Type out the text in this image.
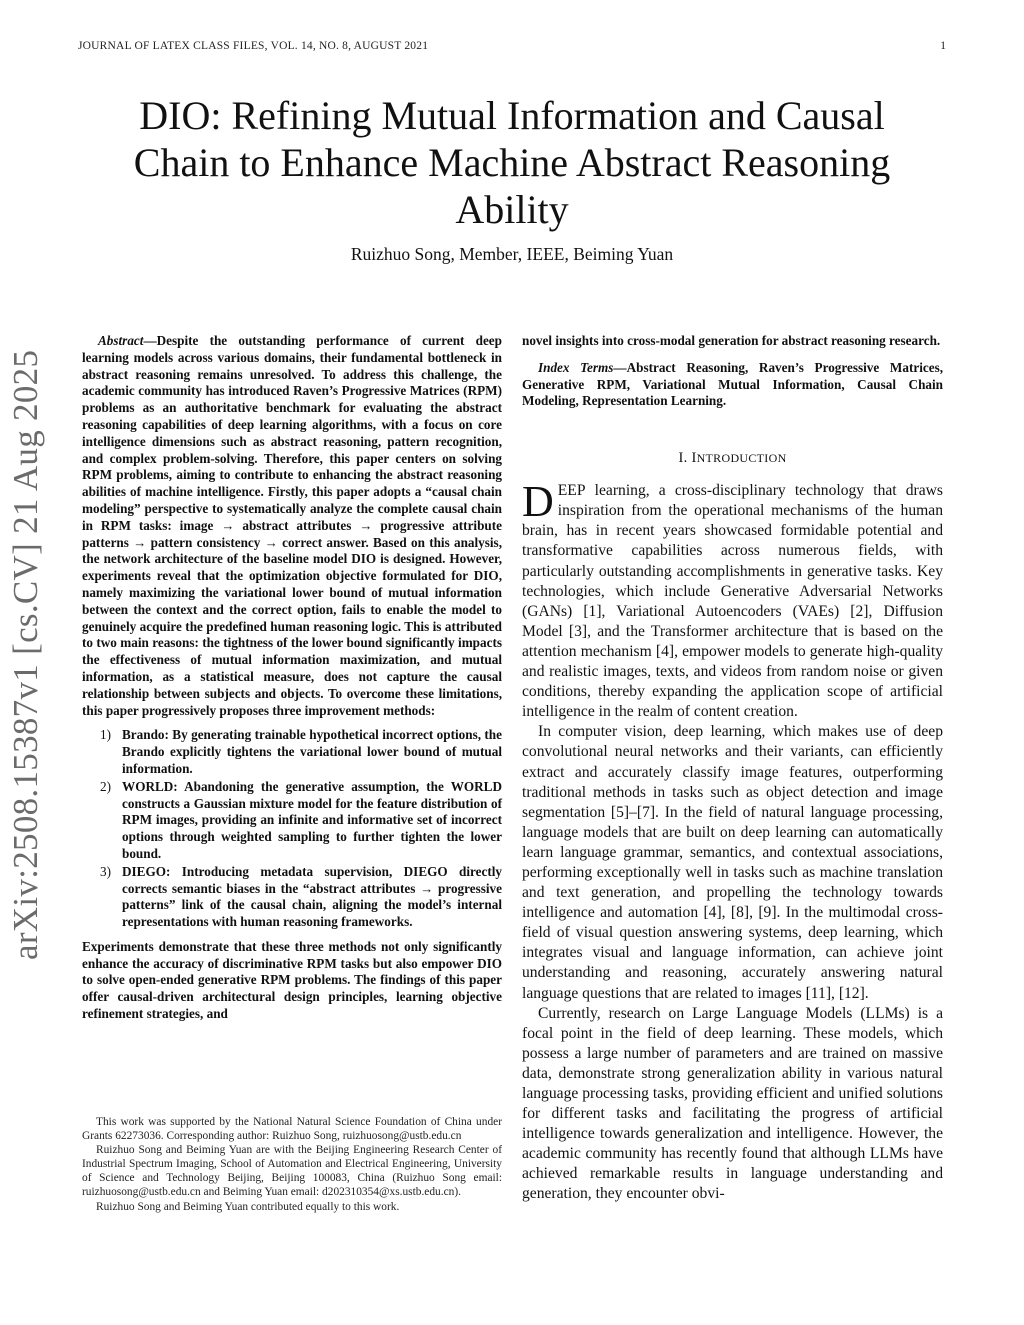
JOURNAL OF LATEX CLASS FILES, VOL. 14, NO. 8, AUGUST 2021	1
arXiv:2508.15387v1 [cs.CV] 21 Aug 2025
DIO: Refining Mutual Information and Causal Chain to Enhance Machine Abstract Reasoning Ability
Ruizhuo Song, Member, IEEE, Beiming Yuan

Abstract—Despite the outstanding performance of current deep learning models across various domains, their fundamental bottleneck in abstract reasoning remains unresolved. To address this challenge, the academic community has introduced Raven’s Progressive Matrices (RPM) problems as an authoritative benchmark for evaluating the abstract reasoning capabilities of deep learning algorithms, with a focus on core intelligence dimensions such as abstract reasoning, pattern recognition, and complex problem-solving. Therefore, this paper centers on solving RPM problems, aiming to contribute to enhancing the abstract reasoning abilities of machine intelligence. Firstly, this paper adopts a “causal chain modeling” perspective to systematically analyze the complete causal chain in RPM tasks: image → abstract attributes → progressive attribute patterns → pattern consistency → correct answer. Based on this analysis, the network architecture of the baseline model DIO is designed. However, experiments reveal that the optimization objective formulated for DIO, namely maximizing the variational lower bound of mutual information between the context and the correct option, fails to enable the model to genuinely acquire the predefined human reasoning logic. This is attributed to two main reasons: the tightness of the lower bound significantly impacts the effectiveness of mutual information maximization, and mutual information, as a statistical measure, does not capture the causal relationship between subjects and objects. To overcome these limitations, this paper progressively proposes three improvement methods:

1) Brando: By generating trainable hypothetical incorrect options, the Brando explicitly tightens the variational lower bound of mutual information.
2) WORLD: Abandoning the generative assumption, the WORLD constructs a Gaussian mixture model for the feature distribution of RPM images, providing an infinite and informative set of incorrect options through weighted sampling to further tighten the lower bound.
3) DIEGO: Introducing metadata supervision, DIEGO directly corrects semantic biases in the “abstract attributes → progressive patterns” link of the causal chain, aligning the model’s internal representations with human reasoning frameworks.

Experiments demonstrate that these three methods not only significantly enhance the accuracy of discriminative RPM tasks but also empower DIO to solve open-ended generative RPM problems. The findings of this paper offer causal-driven architectural design principles, learning objective refinement strategies, and

This work was supported by the National Natural Science Foundation of China under Grants 62273036. Corresponding author: Ruizhuo Song, ruizhuosong@ustb.edu.cn

Ruizhuo Song and Beiming Yuan are with the Beijing Engineering Research Center of Industrial Spectrum Imaging, School of Automation and Electrical Engineering, University of Science and Technology Beijing, Beijing 100083, China (Ruizhuo Song email: ruizhuosong@ustb.edu.cn and Beiming Yuan email: d202310354@xs.ustb.edu.cn).

Ruizhuo Song and Beiming Yuan contributed equally to this work.

novel insights into cross-modal generation for abstract reasoning research.

Index Terms—Abstract Reasoning, Raven’s Progressive Matrices, Generative RPM, Variational Mutual Information, Causal Chain Modeling, Representation Learning.

I. INTRODUCTION

DEEP learning, a cross-disciplinary technology that draws inspiration from the operational mechanisms of the human brain, has in recent years showcased formidable potential and transformative capabilities across numerous fields, with particularly outstanding accomplishments in generative tasks. Key technologies, which include Generative Adversarial Networks (GANs) [1], Variational Autoencoders (VAEs) [2], Diffusion Model [3], and the Transformer architecture that is based on the attention mechanism [4], empower models to generate high-quality and realistic images, texts, and videos from random noise or given conditions, thereby expanding the application scope of artificial intelligence in the realm of content creation.

In computer vision, deep learning, which makes use of deep convolutional neural networks and their variants, can efficiently extract and accurately classify image features, outperforming traditional methods in tasks such as object detection and image segmentation [5]–[7]. In the field of natural language processing, language models that are built on deep learning can automatically learn language grammar, semantics, and contextual associations, performing exceptionally well in tasks such as machine translation and text generation, and propelling the technology towards intelligence and automation [4], [8], [9]. In the multimodal cross-field of visual question answering systems, deep learning, which integrates visual and language information, can achieve joint understanding and reasoning, accurately answering natural language questions that are related to images [11], [12].

Currently, research on Large Language Models (LLMs) is a focal point in the field of deep learning. These models, which possess a large number of parameters and are trained on massive data, demonstrate strong generalization ability in various natural language processing tasks, providing efficient and unified solutions for different tasks and facilitating the progress of artificial intelligence towards generalization and intelligence. However, the academic community has recently found that although LLMs have achieved remarkable results in language understanding and generation, they encounter obvi-
